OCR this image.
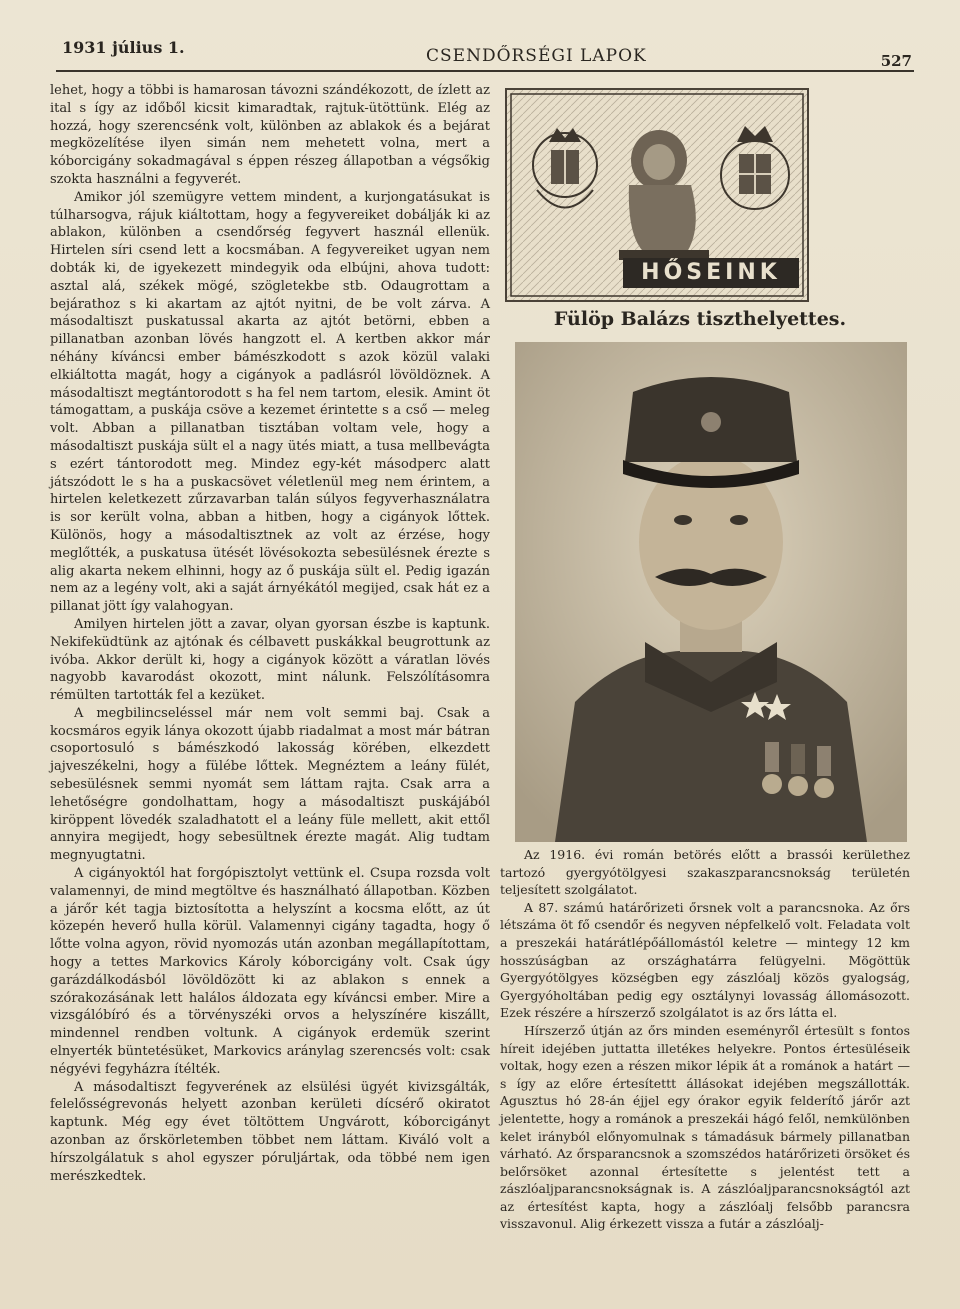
1931 július 1.	CSENDŐRSÉGI LAPOK	527

lehet, hogy a többi is hamarosan távozni szándékozott, de ízlett az ital s így az időből kicsit kimaradtak, rajtuk-ütöttünk. Elég az hozzá, hogy szerencsénk volt, különben az ablakok és a bejárat megközelítése ilyen simán nem mehetett volna, mert a kóborcigány sokadmagával s éppen részeg állapotban a végsőkig szokta használni a fegyverét.

Amikor jól szemügyre vettem mindent, a kurjongatásukat is túlharsogva, rájuk kiáltottam, hogy a fegyvereiket dobálják ki az ablakon, különben a csendőrség fegyvert használ ellenük. Hirtelen síri csend lett a kocsmában. A fegyvereiket ugyan nem dobták ki, de igyekezett mindegyik oda elbújni, ahova tudott: asztal alá, székek mögé, szögletekbe stb. Odaugrottam a bejárathoz s ki akartam az ajtót nyitni, de be volt zárva. A másodaltiszt puskatussal akarta az ajtót betörni, ebben a pillanatban azonban lövés hangzott el. A kertben akkor már néhány kíváncsi ember bámészkodott s azok közül valaki elkiáltotta magát, hogy a cigányok a padlásról lövöldöznek. A másodaltiszt megtántorodott s ha fel nem tartom, elesik. Amint öt támogattam, a puskája csöve a kezemet érintette s a cső — meleg volt. Abban a pillanatban tisztában voltam vele, hogy a másodaltiszt puskája sült el a nagy ütés miatt, a tusa mellbevágta s ezért tántorodott meg. Mindez egy-két másodperc alatt játszódott le s ha a puskacsövet véletlenül meg nem érintem, a hirtelen keletkezett zűrzavarban talán súlyos fegyverhasználatra is sor került volna, abban a hitben, hogy a cigányok lőttek. Különös, hogy a másodaltisztnek az volt az érzése, hogy meglőtték, a puskatusa ütését lövésokozta sebesülésnek érezte s alig akarta nekem elhinni, hogy az ő puskája sült el. Pedig igazán nem az a legény volt, aki a saját árnyékától megijed, csak hát ez a pillanat jött így valahogyan.

Amilyen hirtelen jött a zavar, olyan gyorsan észbe is kaptunk. Nekifeküdtünk az ajtónak és célbavett puskákkal beugrottunk az ivóba. Akkor derült ki, hogy a cigányok között a váratlan lövés nagyobb kavarodást okozott, mint nálunk. Felszólításomra rémülten tartották fel a kezüket.

A megbilincseléssel már nem volt semmi baj. Csak a kocsmáros egyik lánya okozott újabb riadalmat a most már bátran csoportosuló s bámészkodó lakosság körében, elkezdett jajveszékelni, hogy a fülébe lőttek. Megnéztem a leány fülét, sebesülésnek semmi nyomát sem láttam rajta. Csak arra a lehetőségre gondolhattam, hogy a másodaltiszt puskájából kiröppent lövedék szaladhatott el a leány füle mellett, akit ettől annyira megijedt, hogy sebesültnek érezte magát. Alig tudtam megnyugtatni.

A cigányoktól hat forgópisztolyt vettünk el. Csupa rozsda volt valamennyi, de mind megtöltve és használható állapotban. Közben a járőr két tagja biztosította a helyszínt a kocsma előtt, az út közepén heverő hulla körül. Valamennyi cigány tagadta, hogy ő lőtte volna agyon, rövid nyomozás után azonban megállapítottam, hogy a tettes Markovics Károly kóborcigány volt. Csak úgy garázdálkodásból lövöldözött ki az ablakon s ennek a szórakozásának lett halálos áldozata egy kíváncsi ember. Mire a vizsgálóbíró és a törvényszéki orvos a helyszínére kiszállt, mindennel rendben voltunk. A cigányok erdemük szerint elnyerték büntetésüket, Markovics aránylag szerencsés volt: csak négyévi fegyházra ítélték.

A másodaltiszt fegyverének az elsülési ügyét kivizsgálták, felelősségrevonás helyett azonban kerületi dícsérő okiratot kaptunk. Még egy évet töltöttem Ungvárott, kóborcigányt azonban az őrskörletemben többet nem láttam. Kiváló volt a hírszolgálatuk s ahol egyszer póruljártak, oda többé nem igen merészkedtek.

HŐSEINK
Fülöp Balázs tiszthelyettes.

Az 1916. évi román betörés előtt a brassói kerülethez tartozó gyergyótölgyesi szakaszparancsnokság területén teljesített szolgálatot.

A 87. számú határőrizeti őrsnek volt a parancsnoka. Az őrs létszáma öt fő csendőr és negyven népfelkelő volt. Feladata volt a preszekái határátlépőállomástól keletre — mintegy 12 km hosszúságban az országhatárra felügyelni. Mögöttük Gyergyótölgyes községben egy zászlóalj közös gyalogság, Gyergyóholtában pedig egy osztálynyi lovasság állomásozott. Ezek részére a hírszerző szolgálatot is az őrs látta el.

Hírszerző útján az őrs minden eseményről értesült s fontos híreit idejében juttatta illetékes helyekre. Pontos értesüléseik voltak, hogy ezen a részen mikor lépik át a románok a határt — s így az előre értesítettt állásokat idejében megszállották. Agusztus hó 28-án éjjel egy órakor egyik felderítő járőr azt jelentette, hogy a románok a preszekái hágó felől, nemkülönben kelet irányból előnyomulnak s támadásuk bármely pillanatban várható. Az őrsparancsnok a szomszédos határőrizeti örsöket és belőrsöket azonnal értesítette s jelentést tett a zászlóaljparancsnokságnak is. A zászlóaljparancsnokságtól azt az értesítést kapta, hogy a zászlóalj felsőbb parancsra visszavonul. Alig érkezett vissza a futár a zászlóalj-
